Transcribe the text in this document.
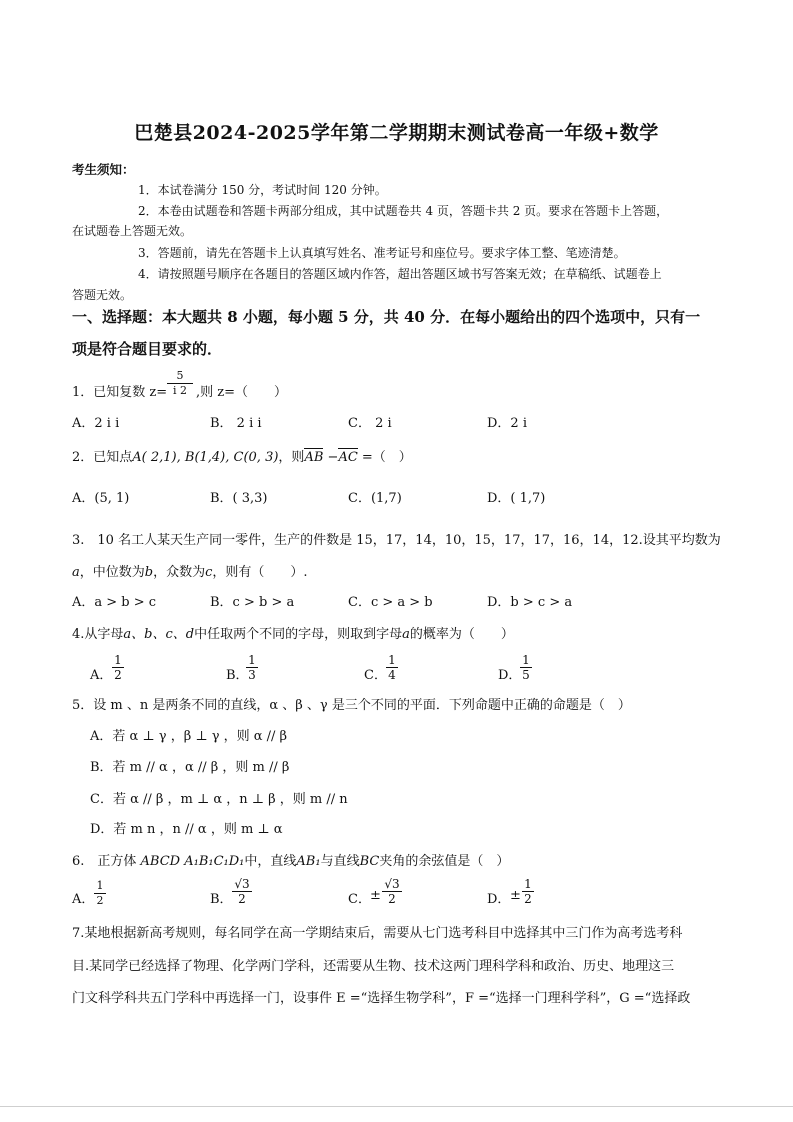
巴楚县2024-2025学年第二学期期末测试卷高一年级+数学
考生须知：
1．本试卷满分 150 分，考试时间 120 分钟。
2．本卷由试题卷和答题卡两部分组成，其中试题卷共 4 页，答题卡共 2 页。要求在答题卡上答题，
在试题卷上答题无效。
3．答题前，请先在答题卡上认真填写姓名、准考证号和座位号。要求字体工整、笔迹清楚。
4．请按照题号顺序在各题目的答题区域内作答，超出答题区域书写答案无效；在草稿纸、试题卷上
答题无效。
一、选择题：本大题共 8 小题，每小题 5 分，共 40 分．在每小题给出的四个选项中，只有一
项是符合题目要求的．
1．已知复数 z=
5
i 2 ,则 z=（　　）
A．2 i i	B． 2 i i	C． 2 i	D．2 i
2．已知点A( 2,1), B(1,4), C(0, 3)，则AB −AC =（　）
A．(5, 1)	B．( 3,3)	C．(1,7)	D．( 1,7)
3.　10 名工人某天生产同一零件，生产的件数是 15，17，14，10，15，17，17，16，14，12.设其平均数为
a，中位数为b，众数为c，则有（　　）.
A．a > b > c	B．c > b > a	C．c > a > b	D．b > c > a
4.从字母a、b、c、d中任取两个不同的字母，则取到字母a的概率为（　　）
A．
1
2	B．
1
3	C．
1
4	D．
1
5
5．设 m 、n 是两条不同的直线，α 、β 、γ 是三个不同的平面．下列命题中正确的命题是（　）
A．若 α ⊥ γ ，β ⊥ γ ，则 α // β
B．若 m // α ，α // β ，则 m // β
C．若 α // β ，m ⊥ α ，n ⊥ β ，则 m // n
D．若 m n ，n // α ，则 m ⊥ α
6.　正方体 ABCD A₁B₁C₁D₁中，直线AB₁与直线BC夹角的余弦值是（　）
A．
1
2	B．
√3
2	C． ±
√3
2	D． ±
1
2
7.某地根据新高考规则，每名同学在高一学期结束后，需要从七门选考科目中选择其中三门作为高考选考科
目.某同学已经选择了物理、化学两门学科，还需要从生物、技术这两门理科学科和政治、历史、地理这三
门文科学科共五门学科中再选择一门，设事件 E =“选择生物学科”，F =“选择一门理科学科”，G =“选择政
